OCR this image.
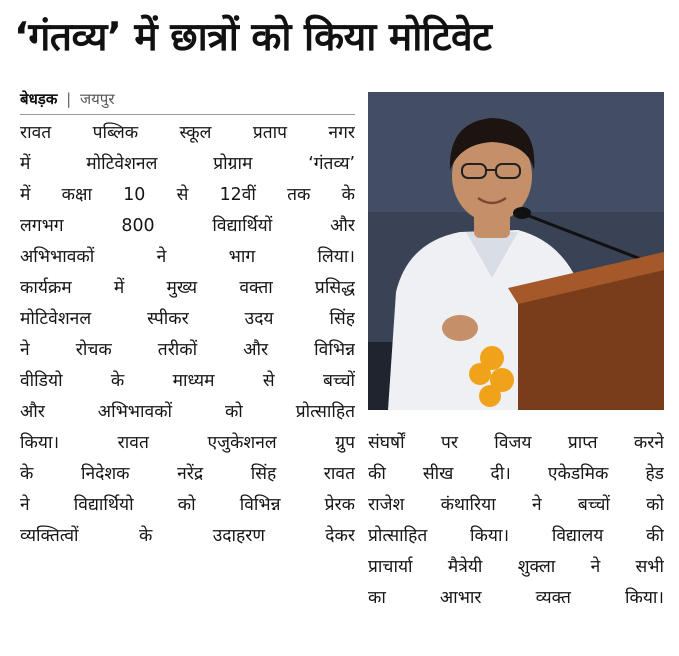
‘गंतव्य’ में छात्रों को किया मोटिवेट
बेधड़क | जयपुर
रावत पब्लिक स्कूल प्रताप नगर
में मोटिवेशनल प्रोग्राम ‘गंतव्य’
में कक्षा 10 से 12वीं तक के
लगभग 800 विद्यार्थियों और
अभिभावकों ने भाग लिया।
कार्यक्रम में मुख्य वक्ता प्रसिद्ध
मोटिवेशनल स्पीकर उदय सिंह
ने रोचक तरीकों और विभिन्न
वीडियो के माध्यम से बच्चों
और अभिभावकों को प्रोत्साहित
किया। रावत एजुकेशनल ग्रुप
के निदेशक नरेंद्र सिंह रावत
ने विद्यार्थियो को विभिन्न प्रेरक
व्यक्तित्वों के उदाहरण देकर
संघर्षों पर विजय प्राप्त करने
की सीख दी। एकेडमिक हेड
राजेश कंथारिया ने बच्चों को
प्रोत्साहित किया। विद्यालय की
प्राचार्या मैत्रेयी शुक्ला ने सभी
का आभार व्यक्त किया।
